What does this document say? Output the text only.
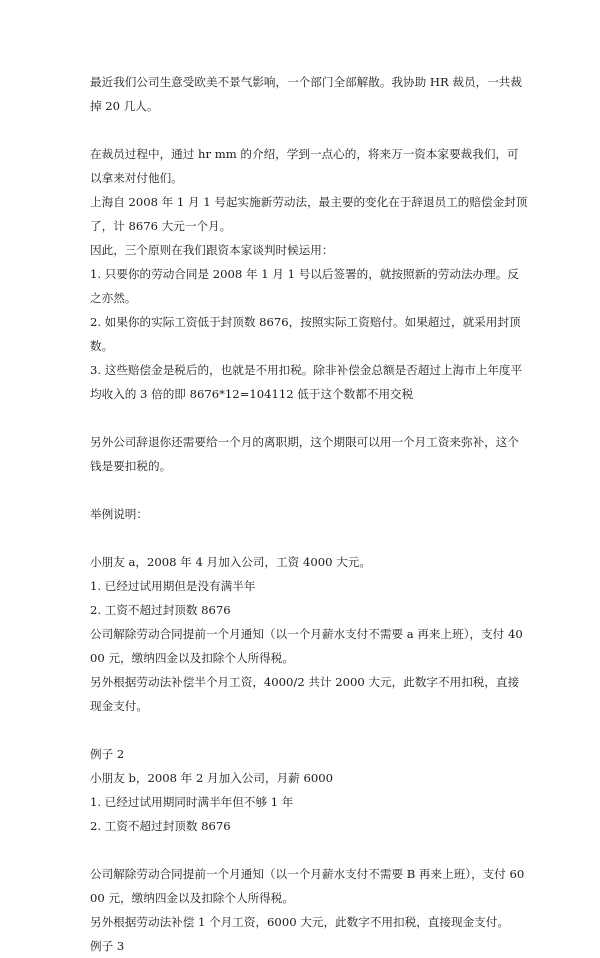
最近我们公司生意受欧美不景气影响，一个部门全部解散。我协助 HR 裁员，一共裁掉 20 几人。

在裁员过程中，通过 hr mm 的介绍，学到一点心的，将来万一资本家要裁我们，可以拿来对付他们。

上海自 2008 年 1 月 1 号起实施新劳动法，最主要的变化在于辞退员工的赔偿金封顶了，计 8676 大元一个月。

因此，三个原则在我们跟资本家谈判时候运用：

1. 只要你的劳动合同是 2008 年 1 月 1 号以后签署的，就按照新的劳动法办理。反之亦然。

2. 如果你的实际工资低于封顶数 8676，按照实际工资赔付。如果超过，就采用封顶数。

3. 这些赔偿金是税后的，也就是不用扣税。除非补偿金总额是否超过上海市上年度平均收入的 3 倍的即 8676*12=104112 低于这个数都不用交税

另外公司辞退你还需要给一个月的离职期，这个期限可以用一个月工资来弥补，这个钱是要扣税的。

举例说明：

小朋友 a，2008 年 4 月加入公司，工资 4000 大元。

1. 已经过试用期但是没有满半年

2. 工资不超过封顶数 8676

公司解除劳动合同提前一个月通知（以一个月薪水支付不需要 a 再来上班），支付 4000 元，缴纳四金以及扣除个人所得税。

另外根据劳动法补偿半个月工资，4000/2 共计 2000 大元，此数字不用扣税，直接现金支付。

例子 2

小朋友 b，2008 年 2 月加入公司，月薪 6000

1. 已经过试用期同时满半年但不够 1 年

2. 工资不超过封顶数 8676

公司解除劳动合同提前一个月通知（以一个月薪水支付不需要 B 再来上班），支付 6000 元，缴纳四金以及扣除个人所得税。

另外根据劳动法补偿 1 个月工资，6000 大元，此数字不用扣税，直接现金支付。

例子 3
